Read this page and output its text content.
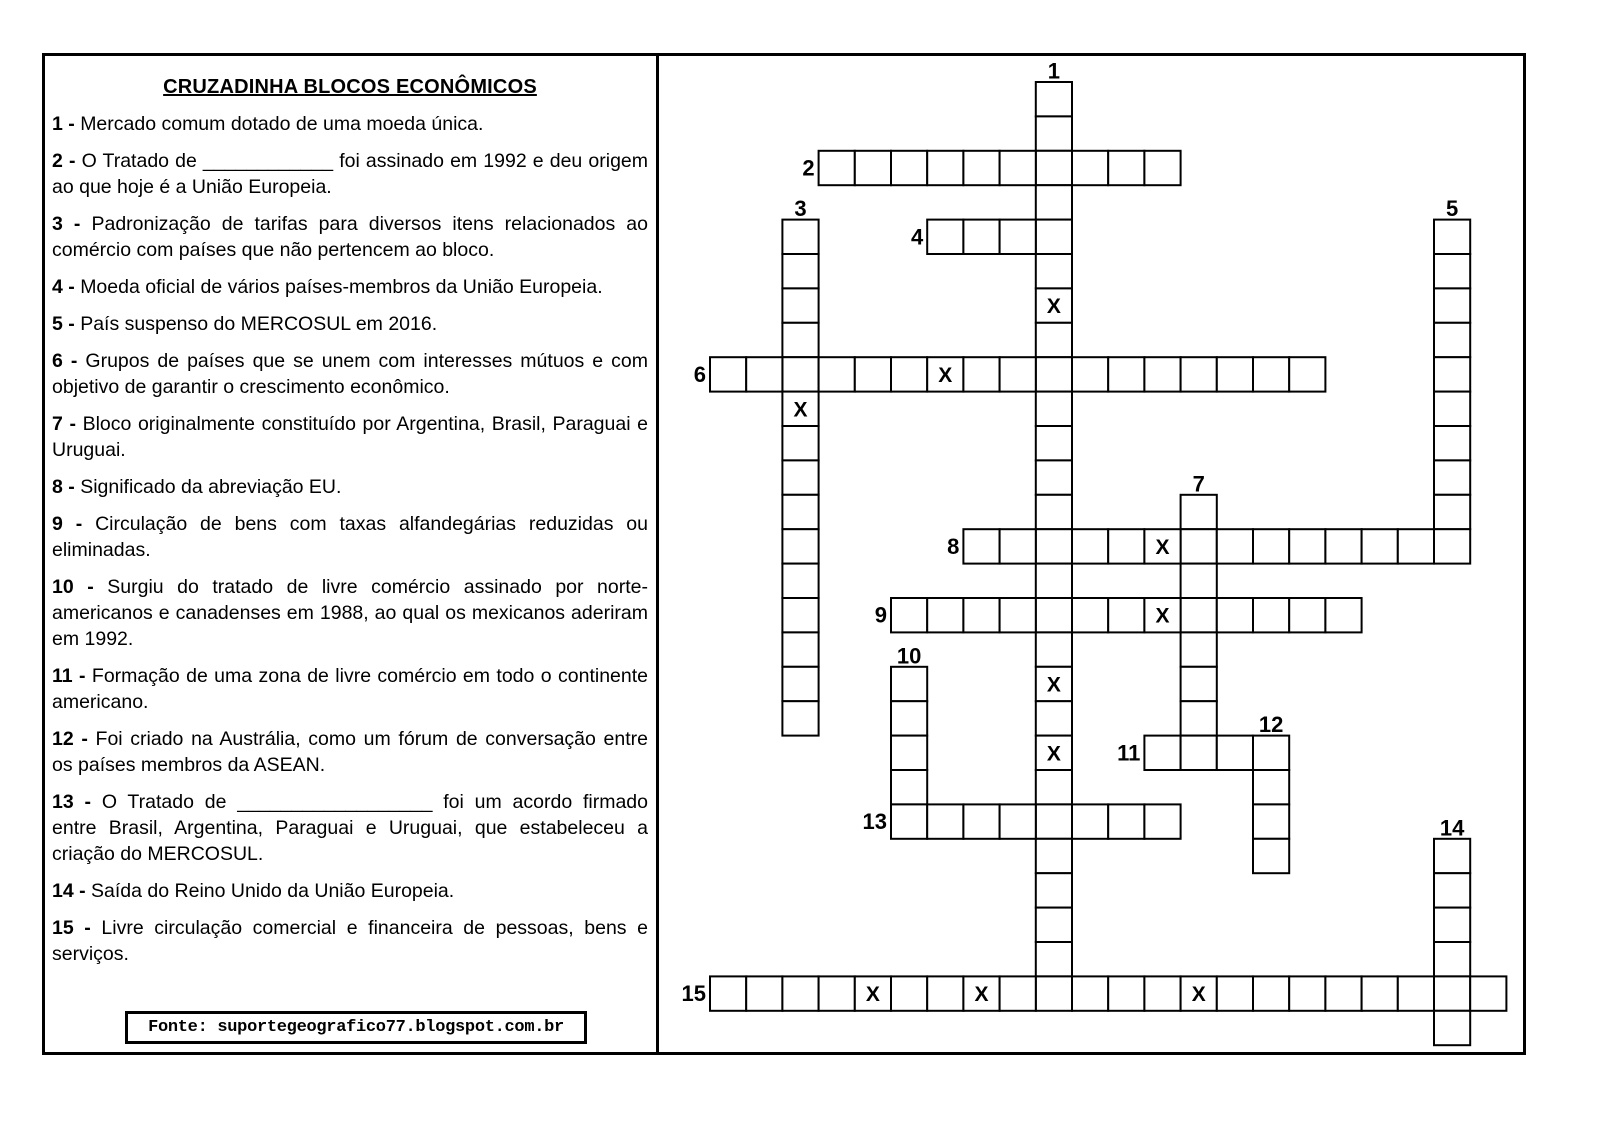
CRUZADINHA BLOCOS ECONÔMICOS

1 - Mercado comum dotado de uma moeda única.

2 - O Tratado de ____________ foi assinado em 1992 e deu origem ao que hoje é a União Europeia.

3 - Padronização de tarifas para diversos itens relacionados ao comércio com países que não pertencem ao bloco.

4 - Moeda oficial de vários países-membros da União Europeia.

5 - País suspenso do MERCOSUL em 2016.

6 - Grupos de países que se unem com interesses mútuos e com objetivo de garantir o crescimento econômico.

7 - Bloco originalmente constituído por Argentina, Brasil, Paraguai e Uruguai.

8 - Significado da abreviação EU.

9 - Circulação de bens com taxas alfandegárias reduzidas ou eliminadas.

10 - Surgiu do tratado de livre comércio assinado por norte-americanos e canadenses em 1988, ao qual os mexicanos aderiram em 1992.

11 - Formação de uma zona de livre comércio em todo o continente americano.

12 - Foi criado na Austrália, como um fórum de conversação entre os países membros da ASEAN.

13 - O Tratado de __________________ foi um acordo firmado entre Brasil, Argentina, Paraguai e Uruguai, que estabeleceu a criação do MERCOSUL.

14 - Saída do Reino Unido da União Europeia.

15 - Livre circulação comercial e financeira de pessoas, bens e serviços.

Fonte: suportegeografico77.blogspot.com.br
X
X
X
X
X
X
X
X	X	X
1
2
3
4
5
6
7
8
9
10
11
12
13	14
15
